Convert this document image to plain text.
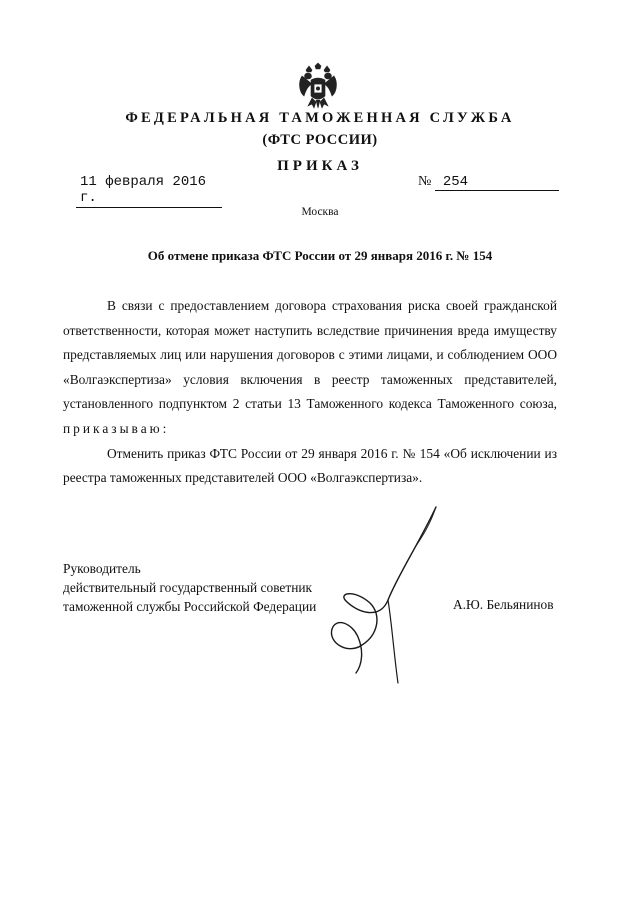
ФЕДЕРАЛЬНАЯ ТАМОЖЕННАЯ СЛУЖБА
(ФТС РОССИИ)
ПРИКАЗ
11 февраля 2016 г.
№ 254
Москва
Об отмене приказа ФТС России от 29 января 2016 г. № 154

В связи с предоставлением договора страхования риска своей гражданской ответственности, которая может наступить вследствие причинения вреда имуществу представляемых лиц или нарушения договоров с этими лицами, и соблюдением ООО «Волгаэкспертиза» условия включения в реестр таможенных представителей, установленного подпунктом 2 статьи 13 Таможенного кодекса Таможенного союза, приказываю:

Отменить приказ ФТС России от 29 января 2016 г. № 154 «Об исключении из реестра таможенных представителей ООО «Волгаэкспертиза».

Руководитель
действительный государственный советник
таможенной службы Российской Федерации	А.Ю. Бельянинов
